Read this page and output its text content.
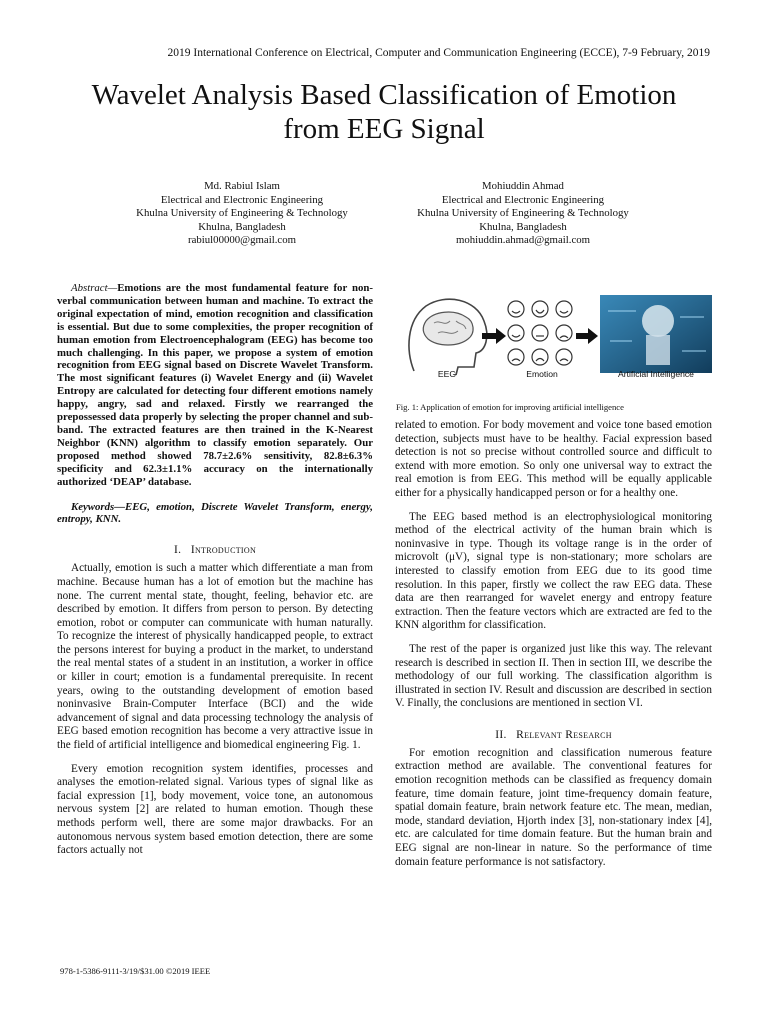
2019 International Conference on Electrical, Computer and Communication Engineering (ECCE), 7-9 February, 2019
Wavelet Analysis Based Classification of Emotion
from EEG Signal
Md. Rabiul Islam
Electrical and Electronic Engineering
Khulna University of Engineering & Technology
Khulna, Bangladesh
rabiul00000@gmail.com
Mohiuddin Ahmad
Electrical and Electronic Engineering
Khulna University of Engineering & Technology
Khulna, Bangladesh
mohiuddin.ahmad@gmail.com
Abstract—Emotions are the most fundamental feature for non-verbal communication between human and machine. To extract the original expectation of mind, emotion recognition and classification is essential. But due to some complexities, the proper recognition of human emotion from Electroencephalogram (EEG) has become too much challenging. In this paper, we propose a system of emotion recognition from EEG signal based on Discrete Wavelet Transform. The most significant features (i) Wavelet Energy and (ii) Wavelet Entropy are calculated for detecting four different emotions namely happy, angry, sad and relaxed. Firstly we rearranged the prepossessed data properly by selecting the proper channel and sub-band. The extracted features are then trained in the K-Nearest Neighbor (KNN) algorithm to classify emotion separately. Our proposed method showed 78.7±2.6% sensitivity, 82.8±6.3% specificity and 62.3±1.1% accuracy on the internationally authorized ‘DEAP’ database.
Keywords—EEG, emotion, Discrete Wavelet Transform, energy, entropy, KNN.
I. Introduction

Actually, emotion is such a matter which differentiate a man from machine. Because human has a lot of emotion but the machine has none. The current mental state, thought, feeling, behavior etc. are described by emotion. It differs from person to person. By detecting emotion, robot or computer can communicate with human naturally. To recognize the interest of physically handicapped people, to extract the persons interest for buying a product in the market, to understand the real mental states of a student in an institution, a worker in office or killer in court; emotion is a fundamental prerequisite. In recent years, owing to the outstanding development of emotion based noninvasive Brain-Computer Interface (BCI) and the wide advancement of signal and data processing technology the analysis of EEG based emotion recognition has become a very attractive issue in the field of artificial intelligence and biomedical engineering Fig. 1.

Every emotion recognition system identifies, processes and analyses the emotion-related signal. Various types of signal like as facial expression [1], body movement, voice tone, an autonomous nervous system [2] are related to human emotion. Though these methods perform well, there are some major drawbacks. For an autonomous nervous system based emotion detection, there are some factors actually not

EEG	Emotion	Artificial Intelligence
Fig. 1: Application of emotion for improving artificial intelligence

related to emotion. For body movement and voice tone based emotion detection, subjects must have to be healthy. Facial expression based detection is not so precise without controlled source and difficult to extend with more emotion. So only one universal way to extract the real emotion is from EEG. This method will be equally applicable either for a physically handicapped person or for a healthy one.

The EEG based method is an electrophysiological monitoring method of the electrical activity of the human brain which is noninvasive in type. Though its voltage range is in the order of microvolt (μV), signal type is non-stationary; more scholars are interested to classify emotion from EEG due to its good time resolution. In this paper, firstly we collect the raw EEG data. These data are then rearranged for wavelet energy and entropy feature extraction. Then the feature vectors which are extracted are fed to the KNN algorithm for classification.

The rest of the paper is organized just like this way. The relevant research is described in section II. Then in section III, we describe the methodology of our full working. The classification algorithm is illustrated in section IV. Result and discussion are described in section V. Finally, the conclusions are mentioned in section VI.

II. Relevant Research

For emotion recognition and classification numerous feature extraction method are available. The conventional features for emotion recognition methods can be classified as frequency domain feature, time domain feature, joint time-frequency domain feature, spatial domain feature, brain network feature etc. The mean, median, mode, standard deviation, Hjorth index [3], non-stationary index [4], etc. are calculated for time domain feature. But the human brain and EEG signal are non-linear in nature. So the performance of time domain feature performance is not satisfactory.

978-1-5386-9111-3/19/$31.00 ©2019 IEEE
